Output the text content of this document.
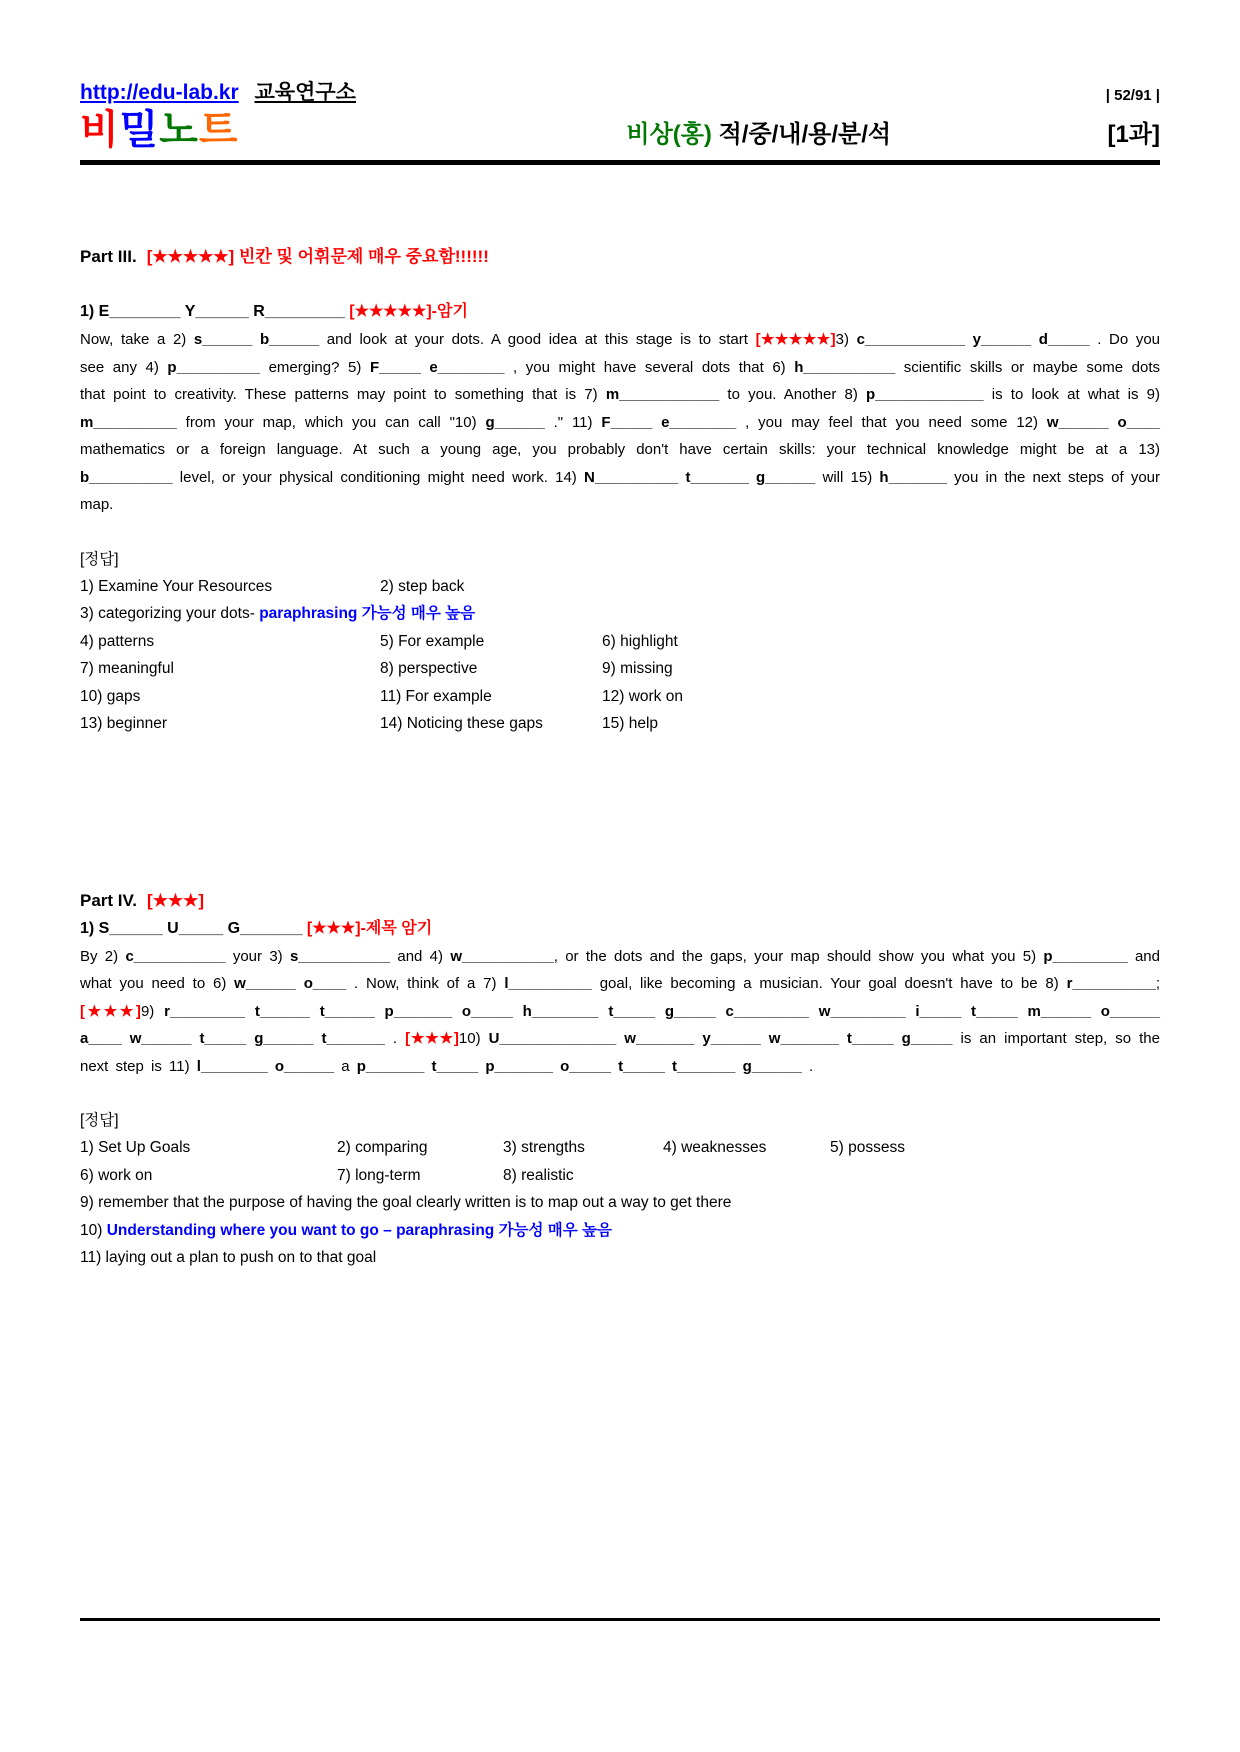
http://edu-lab.kr 교육연구소	| 52/91 |
비밀노트	비상(홍) 적/중/내/용/분/석	[1과]
Part III. [★★★★★] 빈칸 및 어휘문제 매우 중요함!!!!!!
1) E________ Y______ R_________ [★★★★★]-암기
Now, take a 2) s______ b______ and look at your dots. A good idea at this stage is to start [★★★★★]3) c____________ y______ d_____ . Do you see any 4) p__________ emerging? 5) F_____ e________ , you might have several dots that 6) h___________ scientific skills or maybe some dots that point to creativity. These patterns may point to something that is 7) m____________ to you. Another 8) p_____________ is to look at what is 9) m__________ from your map, which you can call "10) g______ ." 11) F_____ e________ , you may feel that you need some 12) w______ o____ mathematics or a foreign language. At such a young age, you probably don't have certain skills: your technical knowledge might be at a 13) b__________ level, or your physical conditioning might need work. 14) N__________ t_______ g______ will 15) h_______ you in the next steps of your map.
[정답]
1) Examine Your Resources	2) step back
3) categorizing your dots- paraphrasing 가능성 매우 높음
4) patterns	5) For example	6) highlight
7) meaningful	8) perspective	9) missing
10) gaps	11) For example	12) work on
13) beginner	14) Noticing these gaps	15) help
Part IV. [★★★]
1) S______ U_____ G_______ [★★★]-제목 암기
By 2) c___________ your 3) s___________ and 4) w___________, or the dots and the gaps, your map should show you what you 5) p_________ and what you need to 6) w______ o____ . Now, think of a 7) l__________ goal, like becoming a musician. Your goal doesn't have to be 8) r__________; [★★★]9) r_________ t______ t______ p_______ o_____ h________ t_____ g_____ c_________ w_________ i_____ t_____ m______ o______ a____ w______ t_____ g______ t_______ . [★★★]10) U______________ w_______ y______ w_______ t_____ g_____ is an important step, so the next step is 11) l________ o______ a p_______ t_____ p_______ o_____ t_____ t_______ g______ .
[정답]
1) Set Up Goals	2) comparing	3) strengths	4) weaknesses	5) possess
6) work on	7) long-term	8) realistic
9) remember that the purpose of having the goal clearly written is to map out a way to get there
10) Understanding where you want to go – paraphrasing 가능성 매우 높음
11) laying out a plan to push on to that goal
